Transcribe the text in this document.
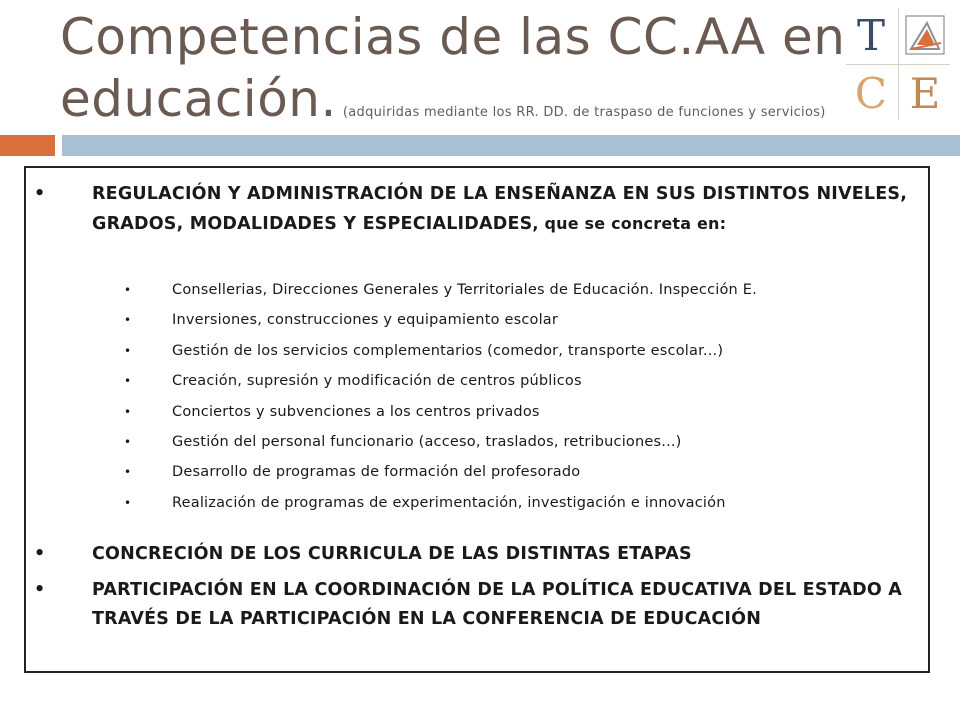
Competencias de las CC.AA en
educación. (adquiridas mediante los RR. DD. de traspaso de funciones y servicios)
T
C E
•	REGULACIÓN Y ADMINISTRACIÓN DE LA ENSEÑANZA EN SUS DISTINTOS NIVELES, GRADOS, MODALIDADES Y ESPECIALIDADES, que se concreta en:
•	Consellerias, Direcciones Generales y Territoriales de Educación. Inspección E.
•	Inversiones, construcciones y equipamiento escolar
•	Gestión de los servicios complementarios (comedor, transporte escolar...)
•	Creación, supresión y modificación de centros públicos
•	Conciertos y subvenciones a los centros privados
•	Gestión del personal funcionario (acceso, traslados, retribuciones...)
•	Desarrollo de programas de formación del profesorado
•	Realización de programas de experimentación, investigación e innovación
•	CONCRECIÓN DE LOS CURRICULA DE LAS DISTINTAS ETAPAS
•	PARTICIPACIÓN EN LA COORDINACIÓN DE LA POLÍTICA EDUCATIVA DEL ESTADO A TRAVÉS DE LA PARTICIPACIÓN EN LA CONFERENCIA DE EDUCACIÓN
